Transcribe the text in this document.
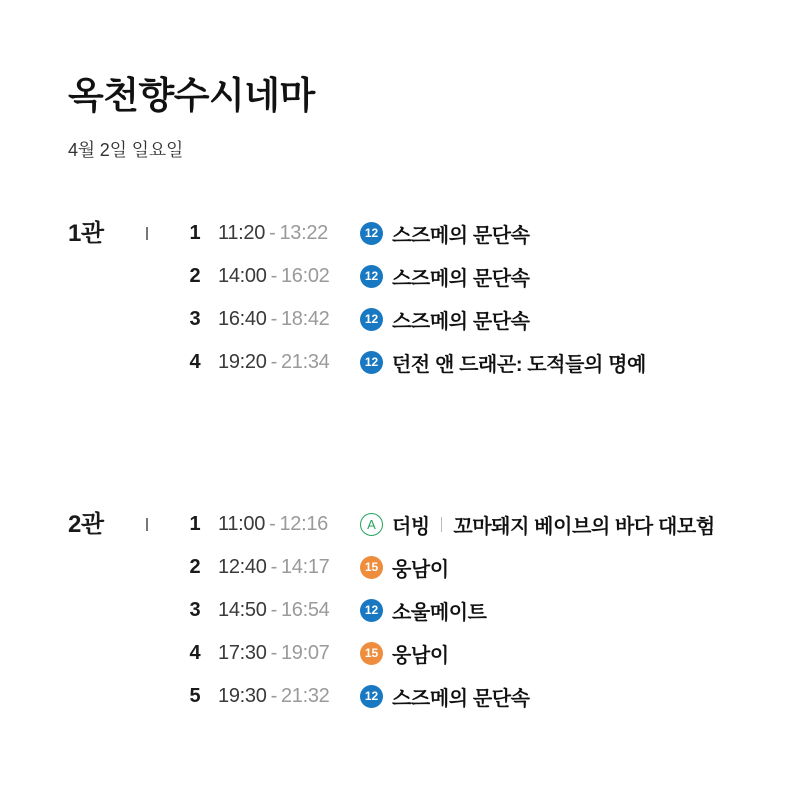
옥천향수시네마
4월 2일 일요일
1관	1 11:20 - 13:22	12 스즈메의 문단속
2 14:00 - 16:02	12 스즈메의 문단속
3 16:40 - 18:42	12 스즈메의 문단속
4 19:20 - 21:34	12 던전 앤 드래곤: 도적들의 명예
2관	1 11:00 - 12:16	A 더빙 꼬마돼지 베이브의 바다 대모험
2 12:40 - 14:17	15 웅남이
3 14:50 - 16:54	12 소울메이트
4 17:30 - 19:07	15 웅남이
5 19:30 - 21:32	12 스즈메의 문단속
